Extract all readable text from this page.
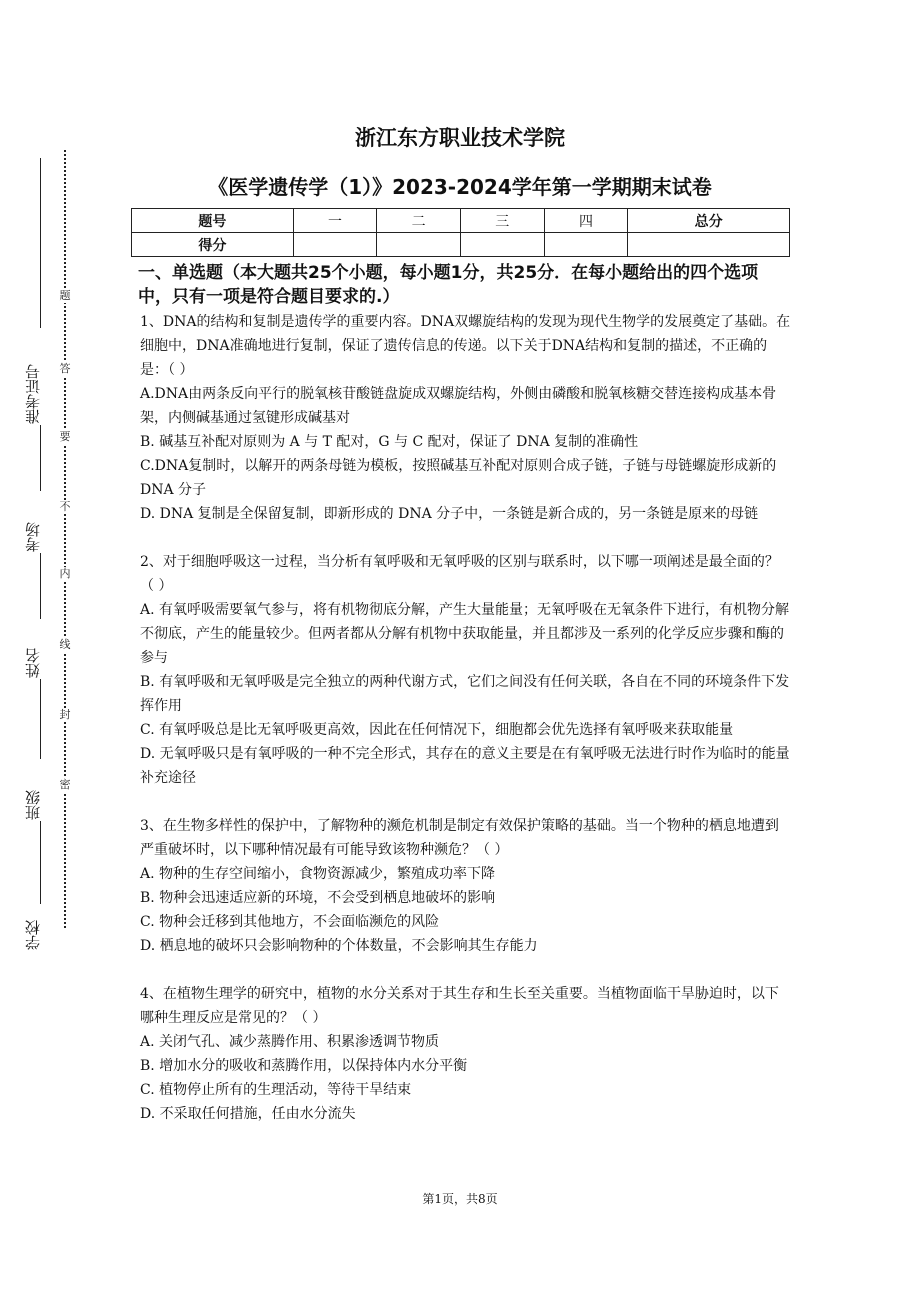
准考证号
考场
姓名
班级
学校
题
答
要
不
内
线
封
密
浙江东方职业技术学院
《医学遗传学（1）》2023-2024学年第一学期期末试卷
题号	一	二	三	四	总分
得分					
一、单选题（本大题共25个小题，每小题1分，共25分．在每小题给出的四个选项中，只有一项是符合题目要求的.）

1、DNA的结构和复制是遗传学的重要内容。DNA双螺旋结构的发现为现代生物学的发展奠定了基础。在细胞中，DNA准确地进行复制，保证了遗传信息的传递。以下关于DNA结构和复制的描述，不正确的是：（ ）

A.DNA由两条反向平行的脱氧核苷酸链盘旋成双螺旋结构，外侧由磷酸和脱氧核糖交替连接构成基本骨架，内侧碱基通过氢键形成碱基对

B. 碱基互补配对原则为 A 与 T 配对，G 与 C 配对，保证了 DNA 复制的准确性

C.DNA复制时，以解开的两条母链为模板，按照碱基互补配对原则合成子链，子链与母链螺旋形成新的 DNA 分子

D. DNA 复制是全保留复制，即新形成的 DNA 分子中，一条链是新合成的，另一条链是原来的母链

2、对于细胞呼吸这一过程，当分析有氧呼吸和无氧呼吸的区别与联系时，以下哪一项阐述是最全面的？（ ）

A. 有氧呼吸需要氧气参与，将有机物彻底分解，产生大量能量；无氧呼吸在无氧条件下进行，有机物分解不彻底，产生的能量较少。但两者都从分解有机物中获取能量，并且都涉及一系列的化学反应步骤和酶的参与

B. 有氧呼吸和无氧呼吸是完全独立的两种代谢方式，它们之间没有任何关联，各自在不同的环境条件下发挥作用

C. 有氧呼吸总是比无氧呼吸更高效，因此在任何情况下，细胞都会优先选择有氧呼吸来获取能量

D. 无氧呼吸只是有氧呼吸的一种不完全形式，其存在的意义主要是在有氧呼吸无法进行时作为临时的能量补充途径

3、在生物多样性的保护中，了解物种的濒危机制是制定有效保护策略的基础。当一个物种的栖息地遭到严重破坏时，以下哪种情况最有可能导致该物种濒危？（ ）

A. 物种的生存空间缩小，食物资源减少，繁殖成功率下降

B. 物种会迅速适应新的环境，不会受到栖息地破坏的影响

C. 物种会迁移到其他地方，不会面临濒危的风险

D. 栖息地的破坏只会影响物种的个体数量，不会影响其生存能力

4、在植物生理学的研究中，植物的水分关系对于其生存和生长至关重要。当植物面临干旱胁迫时，以下哪种生理反应是常见的？（ ）

A. 关闭气孔、减少蒸腾作用、积累渗透调节物质

B. 增加水分的吸收和蒸腾作用，以保持体内水分平衡

C. 植物停止所有的生理活动，等待干旱结束

D. 不采取任何措施，任由水分流失

第1页，共8页
